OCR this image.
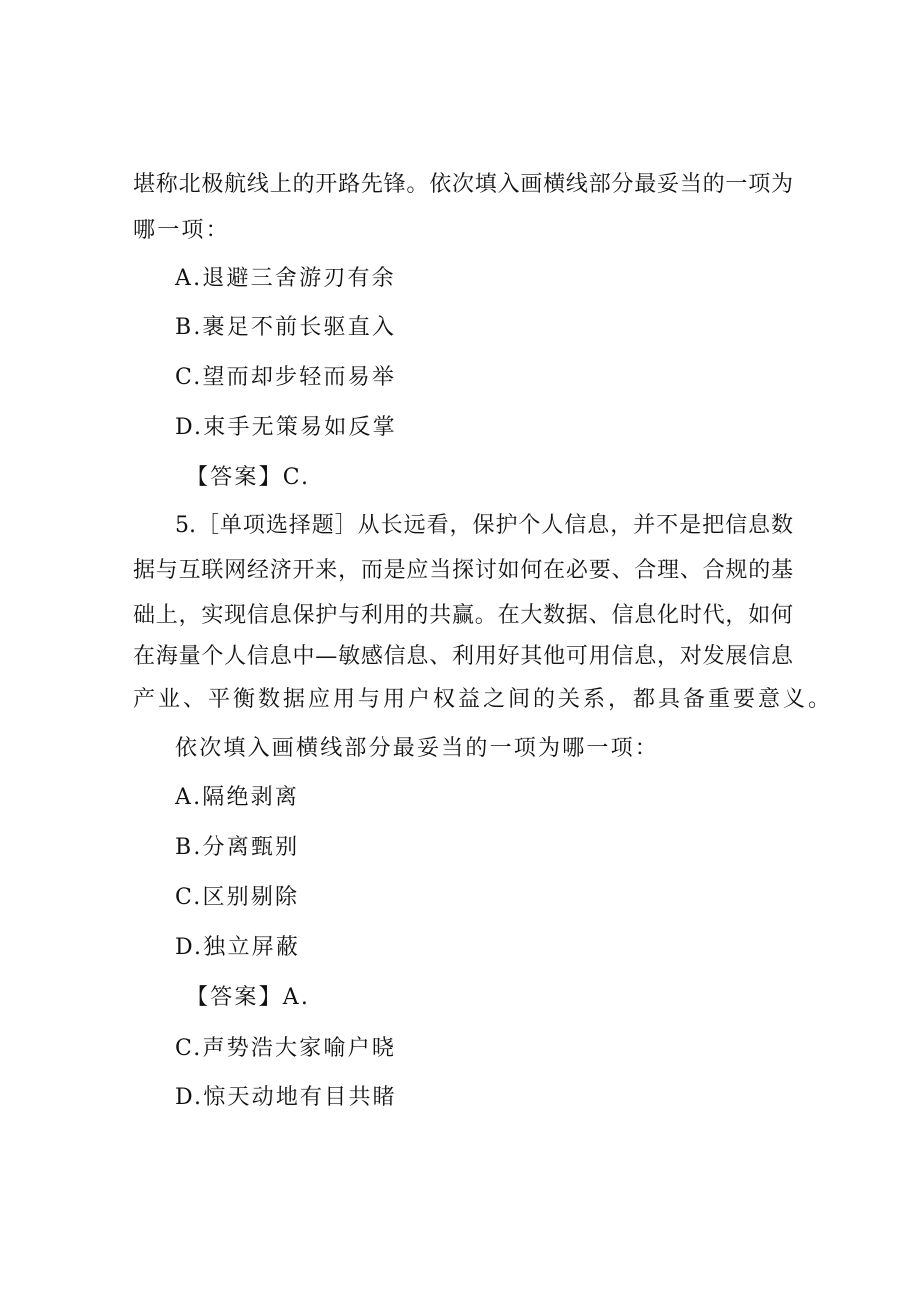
堪称北极航线上的开路先锋。依次填入画横线部分最妥当的一项为
哪一项：
A.退避三舍游刃有余
B.裹足不前长驱直入
C.望而却步轻而易举
D.束手无策易如反掌
【答案】C.
5.［单项选择题］从长远看，保护个人信息，并不是把信息数
据与互联网经济开来，而是应当探讨如何在必要、合理、合规的基
础上，实现信息保护与利用的共赢。在大数据、信息化时代，如何
在海量个人信息中—敏感信息、利用好其他可用信息，对发展信息
产业、平衡数据应用与用户权益之间的关系，都具备重要意义。
依次填入画横线部分最妥当的一项为哪一项：
A.隔绝剥离
B.分离甄别
C.区别剔除
D.独立屏蔽
【答案】A.
C.声势浩大家喻户晓
D.惊天动地有目共睹
